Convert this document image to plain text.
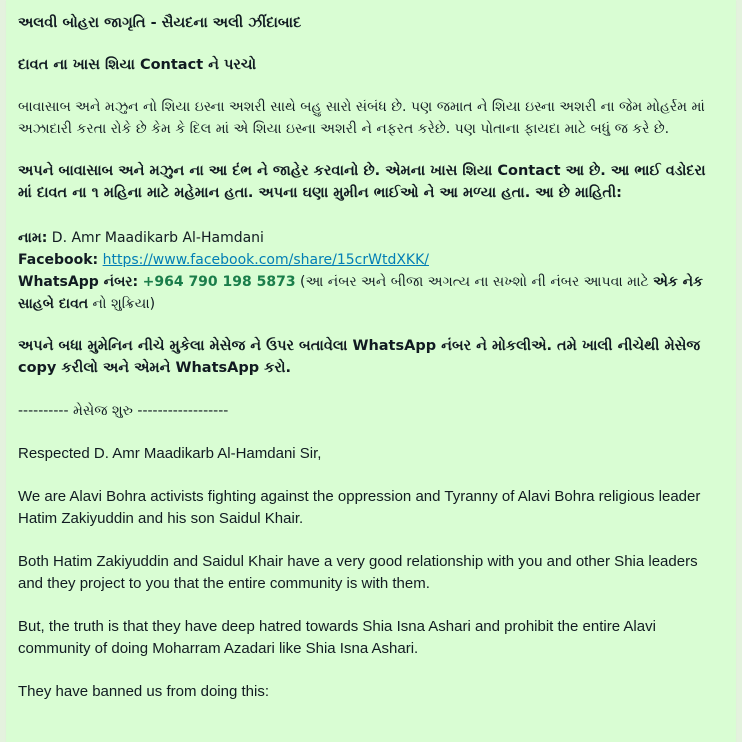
અલવી બોહરા જાગૃતિ - સૈયદના અલી ઝીંદાબાદ

દાવત ના ખાસ શિયા Contact ને પરચો

બાવાસાબ અને મઝુન નો શિયા ઇસ્ના અશરી સાથે બહુ સારો સંબંધ છે. પણ જમાત ને શિયા ઇસ્ના અશરી ના જેમ મોહર્રમ માં અઝાદારી કરતા રોકે છે કેમ કે દિલ માં એ શિયા ઇસ્ના અશરી ને નફરત કરેછે. પણ પોતાના ફાયદા માટે બધું જ કરે છે.

અપને બાવાસાબ અને મઝુન ના આ દંભ ને જાહેર કરવાનો છે. એમના ખાસ શિયા Contact આ છે. આ ભાઈ વડોદરા માં દાવત ના ૧ મહિના માટે મહેમાન હતા. અપના ઘણા મુમીન ભાઈઓ ને આ મળ્યા હતા. આ છે માહિતી:

નામ: D. Amr Maadikarb Al-Hamdani

Facebook: https://www.facebook.com/share/15crWtdXKK/

WhatsApp નંબર: +964 790 198 5873 (આ નંબર અને બીજા અગત્ય ના સખ્શો ની નંબર આપવા માટે એક નેક સાહબે દાવત નો શુક્રિયા)

અપને બધા મુમેનિન નીચે મુકેલા મેસેજ ને ઉપર બતાવેલા WhatsApp નંબર ને મોકલીએ. તમે ખાલી નીચેથી મેસેજ copy કરીલો અને એમને WhatsApp કરો.

---------- મેસેજ શુરુ ------------------

Respected D. Amr Maadikarb Al-Hamdani Sir,

We are Alavi Bohra activists fighting against the oppression and Tyranny of Alavi Bohra religious leader Hatim Zakiyuddin and his son Saidul Khair.

Both Hatim Zakiyuddin and Saidul Khair have a very good relationship with you and other Shia leaders and they project to you that the entire community is with them.

But, the truth is that they have deep hatred towards Shia Isna Ashari and prohibit the entire Alavi community of doing Moharram Azadari like Shia Isna Ashari.

They have banned us from doing this:
